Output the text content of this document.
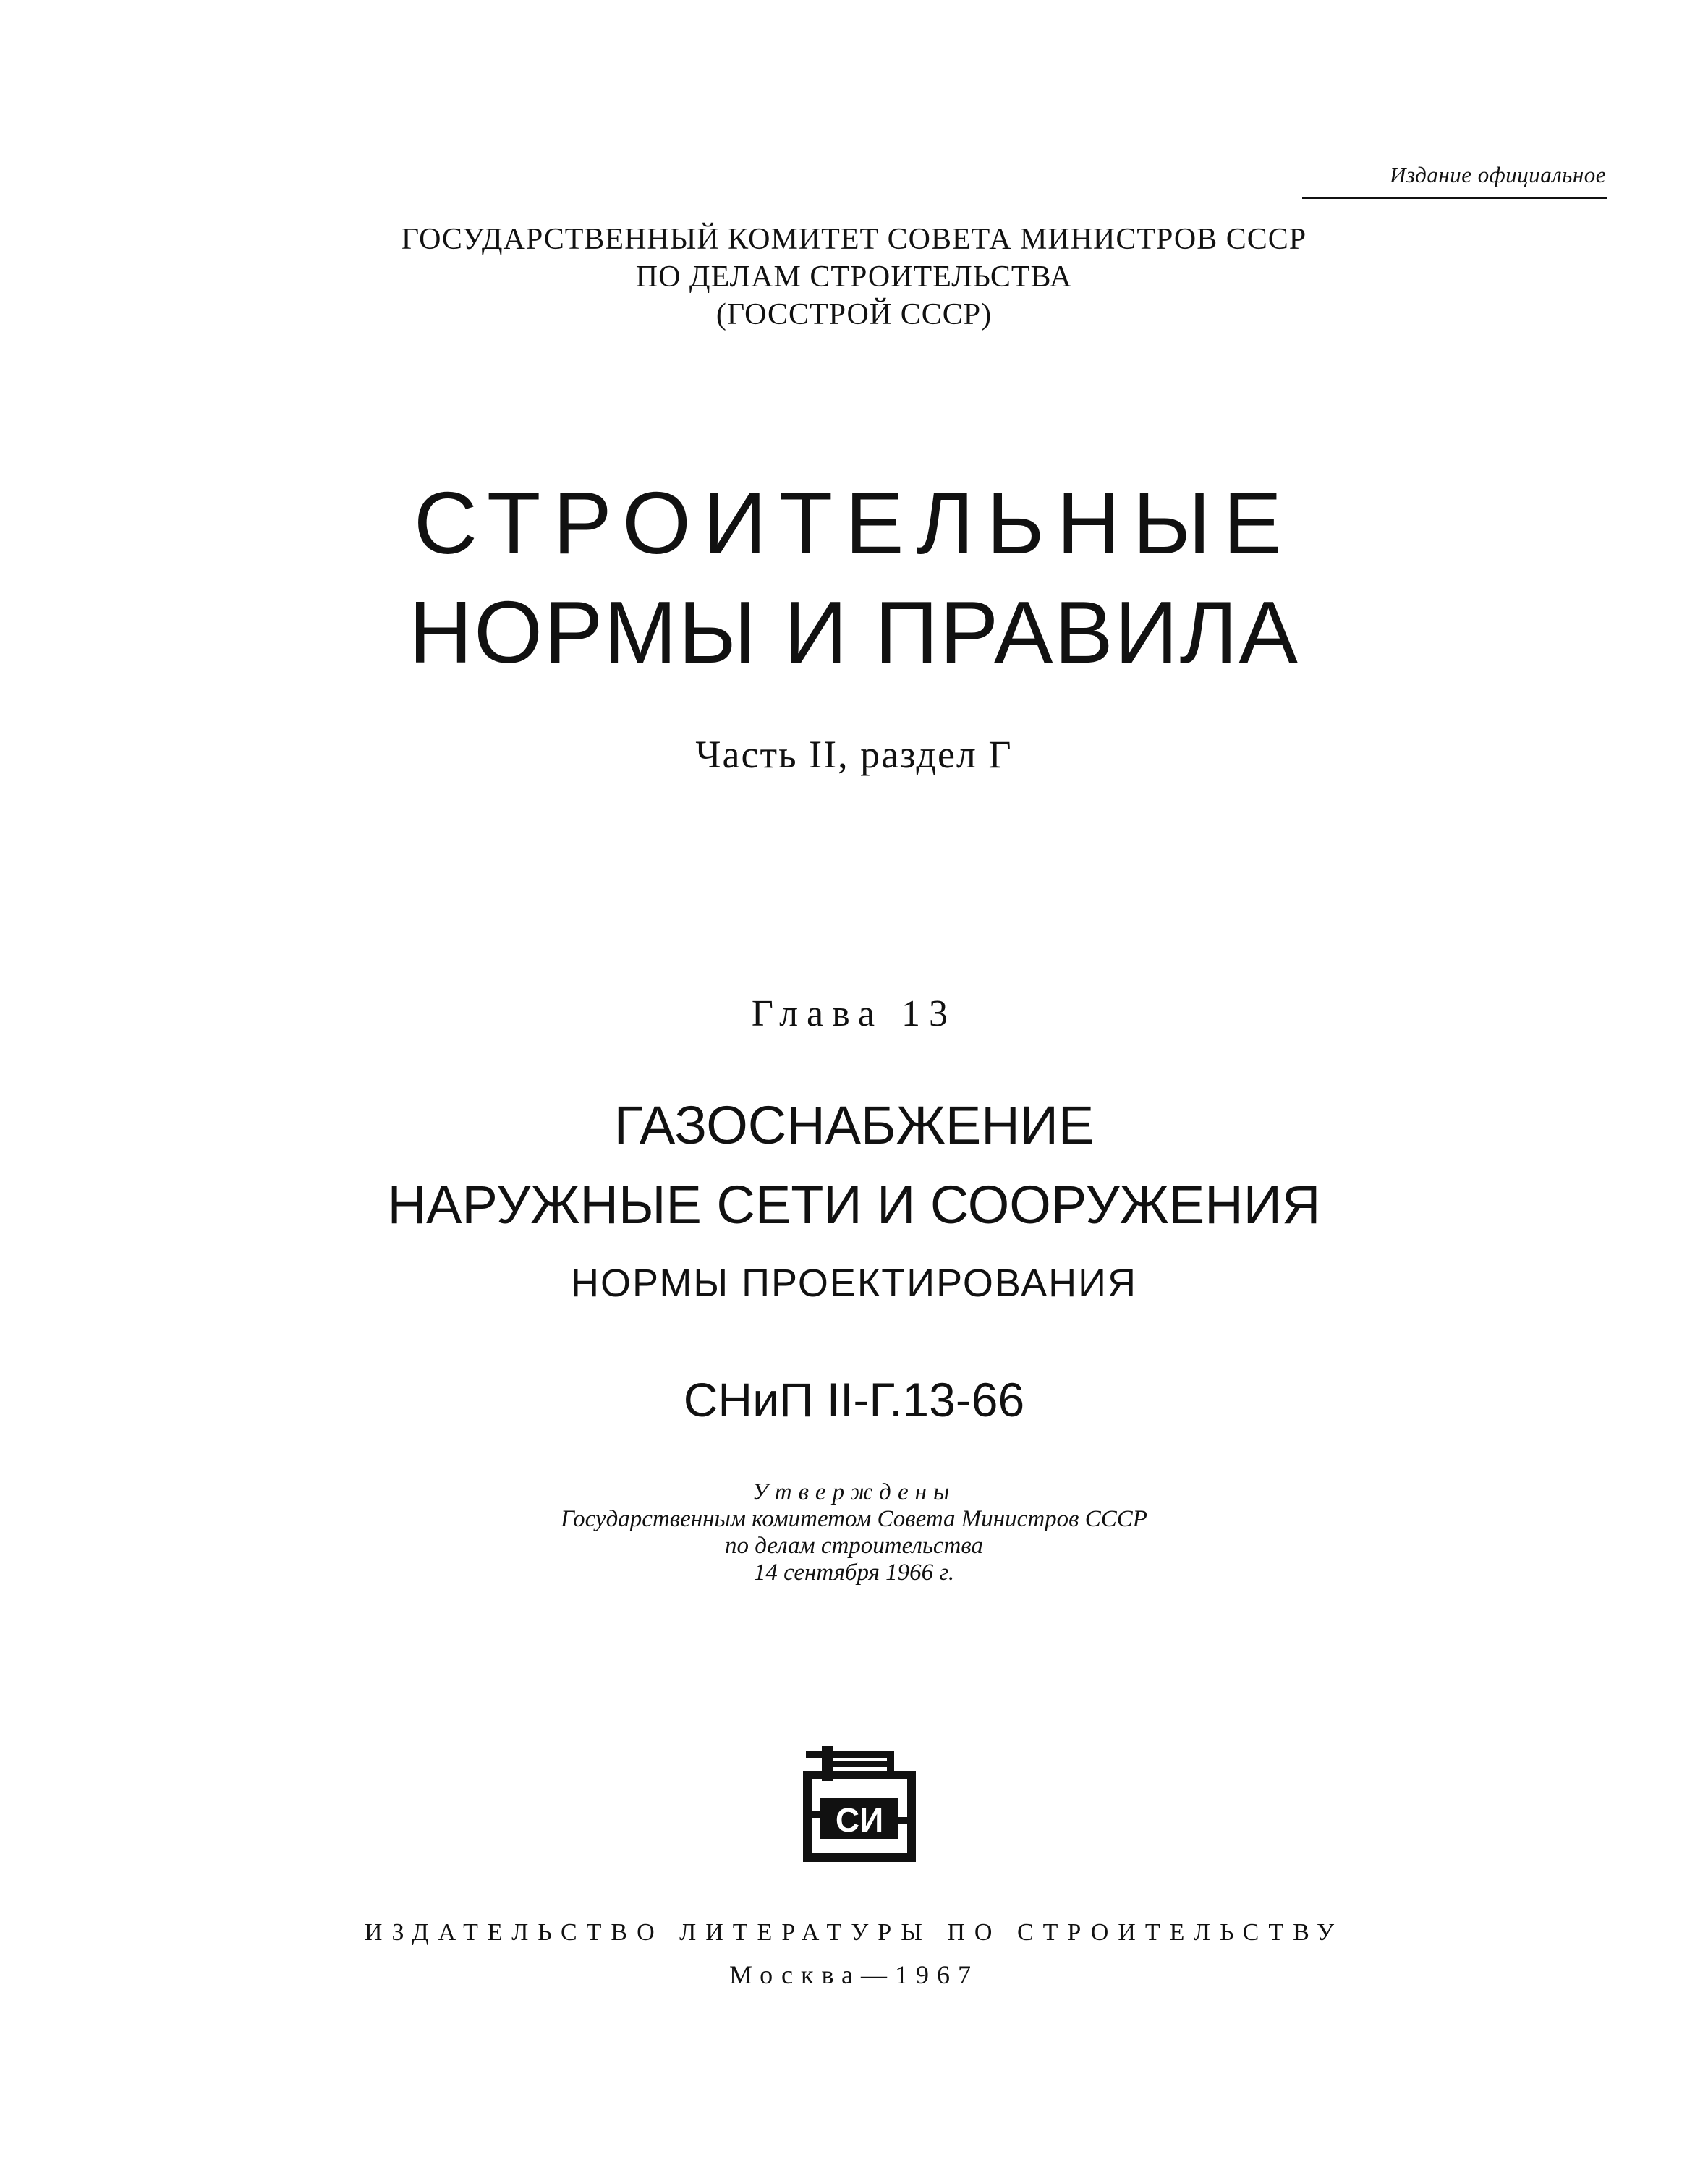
Издание официальное
ГОСУДАРСТВЕННЫЙ КОМИТЕТ СОВЕТА МИНИСТРОВ СССР
ПО ДЕЛАМ СТРОИТЕЛЬСТВА
(ГОССТРОЙ СССР)
СТРОИТЕЛЬНЫЕ
НОРМЫ И ПРАВИЛА
Часть II, раздел Г
Глава 13
ГАЗОСНАБЖЕНИЕ
НАРУЖНЫЕ СЕТИ И СООРУЖЕНИЯ
НОРМЫ ПРОЕКТИРОВАНИЯ
СНиП II-Г.13-66
Утверждены
Государственным комитетом Совета Министров СССР
по делам строительства
14 сентября 1966 г.
СИ
ИЗДАТЕЛЬСТВО ЛИТЕРАТУРЫ ПО СТРОИТЕЛЬСТВУ
Москва—1967
